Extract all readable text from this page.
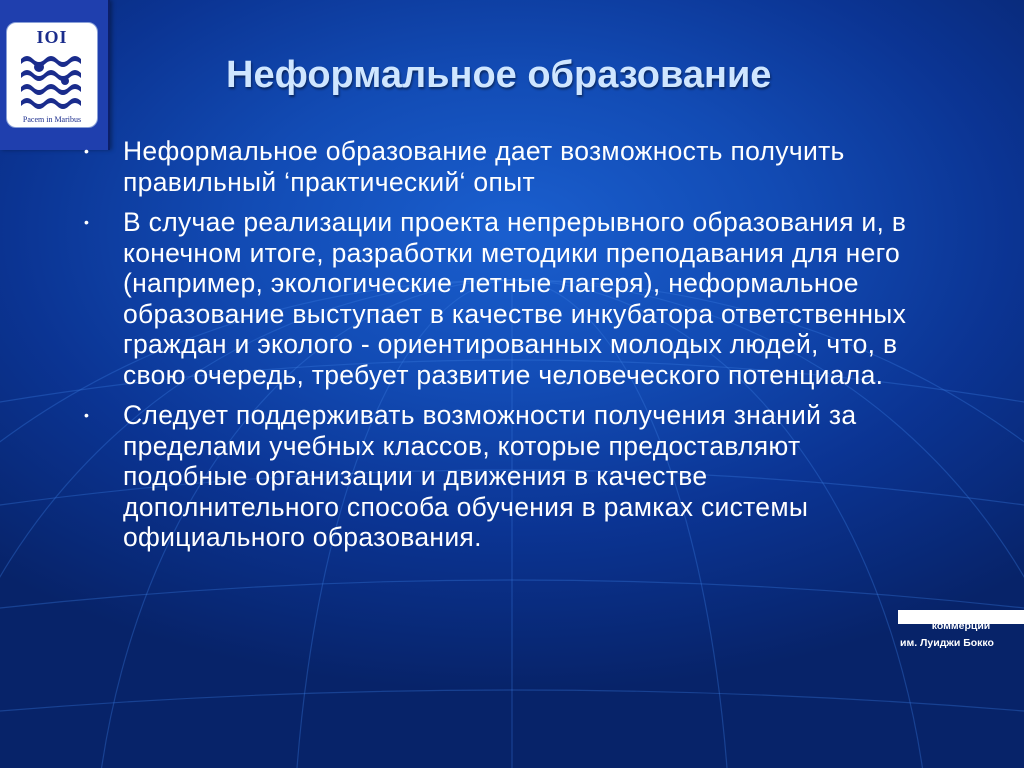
IOI
Pacem in Maribus
Неформальное образование
• Неформальное образование дает возможность получить правильный ‘практический‘ опыт
• В случае реализации проекта непрерывного образования и, в конечном итоге, разработки методики преподавания для него (например, экологические летные лагеря), неформальное образование выступает в качестве инкубатора ответственных граждан и эколого - ориентированных молодых людей, что, в свою очередь, требует развитие человеческого потенциала.
• Следует поддерживать возможности получения знаний за пределами учебных классов, которые предоставляют подобные организации и движения в качестве дополнительного способа обучения в рамках системы официального образования.
коммерции
им. Луиджи Бокко
